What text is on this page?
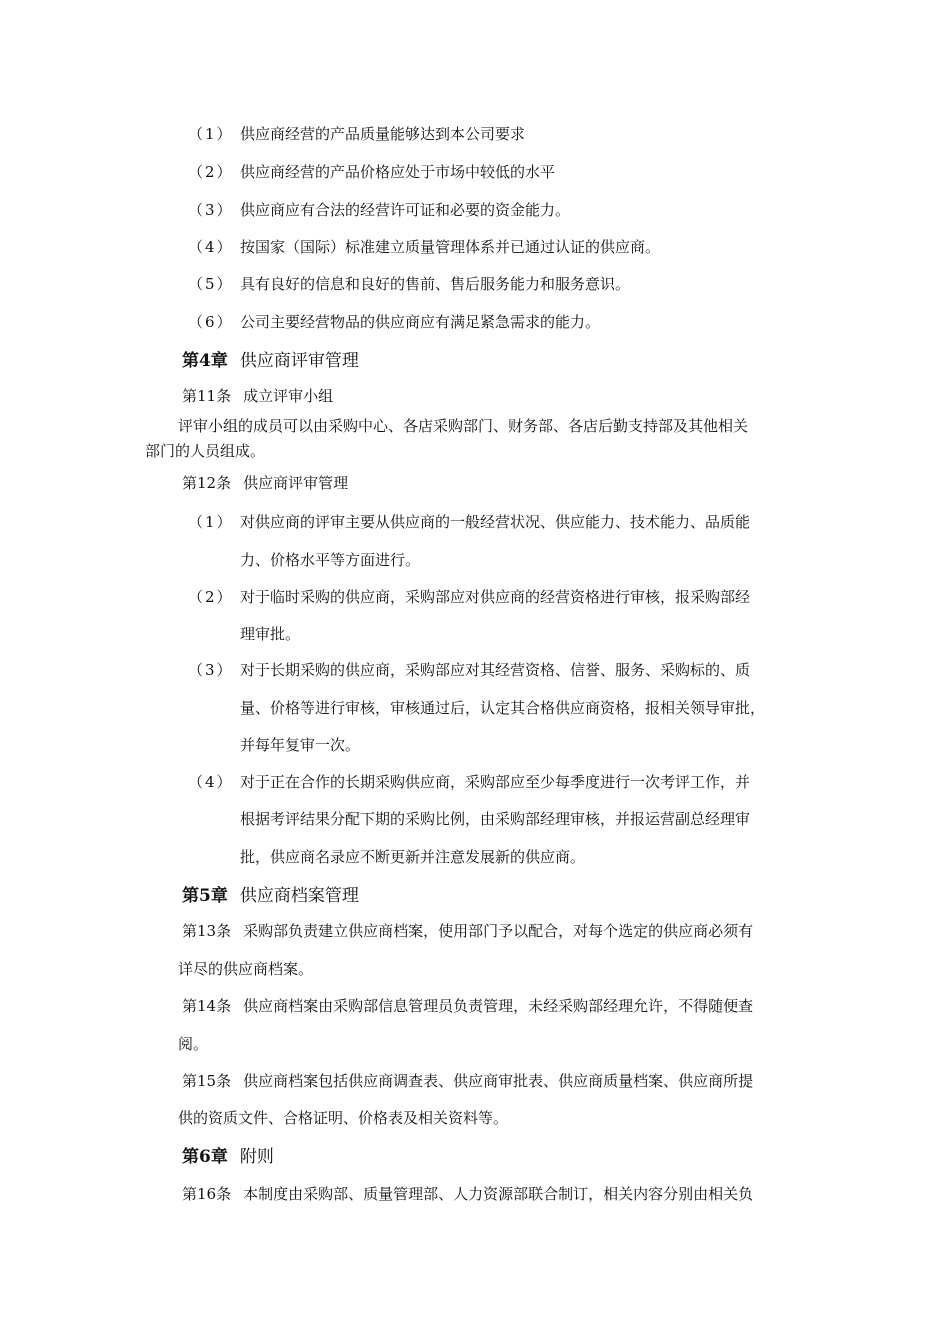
（1） 供应商经营的产品质量能够达到本公司要求
（2） 供应商经营的产品价格应处于市场中较低的水平
（3） 供应商应有合法的经营许可证和必要的资金能力。
（4） 按国家（国际）标准建立质量管理体系并已通过认证的供应商。
（5） 具有良好的信息和良好的售前、售后服务能力和服务意识。
（6） 公司主要经营物品的供应商应有满足紧急需求的能力。
第4章 供应商评审管理
第11条 成立评审小组
评审小组的成员可以由采购中心、各店采购部门、财务部、各店后勤支持部及其他相关
部门的人员组成。
第12条 供应商评审管理
（1） 对供应商的评审主要从供应商的一般经营状况、供应能力、技术能力、品质能
力、价格水平等方面进行。
（2） 对于临时采购的供应商，采购部应对供应商的经营资格进行审核，报采购部经
理审批。
（3） 对于长期采购的供应商，采购部应对其经营资格、信誉、服务、采购标的、质
量、价格等进行审核，审核通过后，认定其合格供应商资格，报相关领导审批，
并每年复审一次。
（4） 对于正在合作的长期采购供应商，采购部应至少每季度进行一次考评工作，并
根据考评结果分配下期的采购比例，由采购部经理审核，并报运营副总经理审
批，供应商名录应不断更新并注意发展新的供应商。
第5章 供应商档案管理
第13条 采购部负责建立供应商档案，使用部门予以配合，对每个选定的供应商必须有
详尽的供应商档案。
第14条 供应商档案由采购部信息管理员负责管理，未经采购部经理允许，不得随便查
阅。
第15条 供应商档案包括供应商调查表、供应商审批表、供应商质量档案、供应商所提
供的资质文件、合格证明、价格表及相关资料等。
第6章 附则
第16条 本制度由采购部、质量管理部、人力资源部联合制订，相关内容分别由相关负
